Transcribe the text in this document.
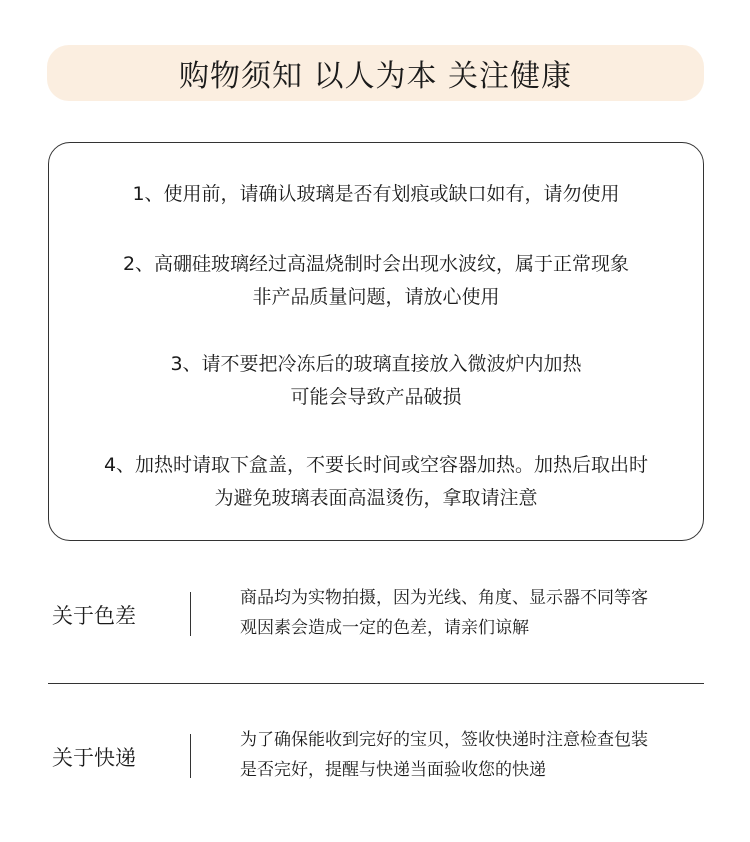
购物须知 以人为本 关注健康
1、使用前，请确认玻璃是否有划痕或缺口如有，请勿使用
2、高硼硅玻璃经过高温烧制时会出现水波纹，属于正常现象
非产品质量问题，请放心使用
3、请不要把冷冻后的玻璃直接放入微波炉内加热
可能会导致产品破损
4、加热时请取下盒盖，不要长时间或空容器加热。加热后取出时
为避免玻璃表面高温烫伤，拿取请注意
关于色差
商品均为实物拍摄，因为光线、角度、显示器不同等客
观因素会造成一定的色差，请亲们谅解
关于快递
为了确保能收到完好的宝贝，签收快递时注意检查包装
是否完好，提醒与快递当面验收您的快递
